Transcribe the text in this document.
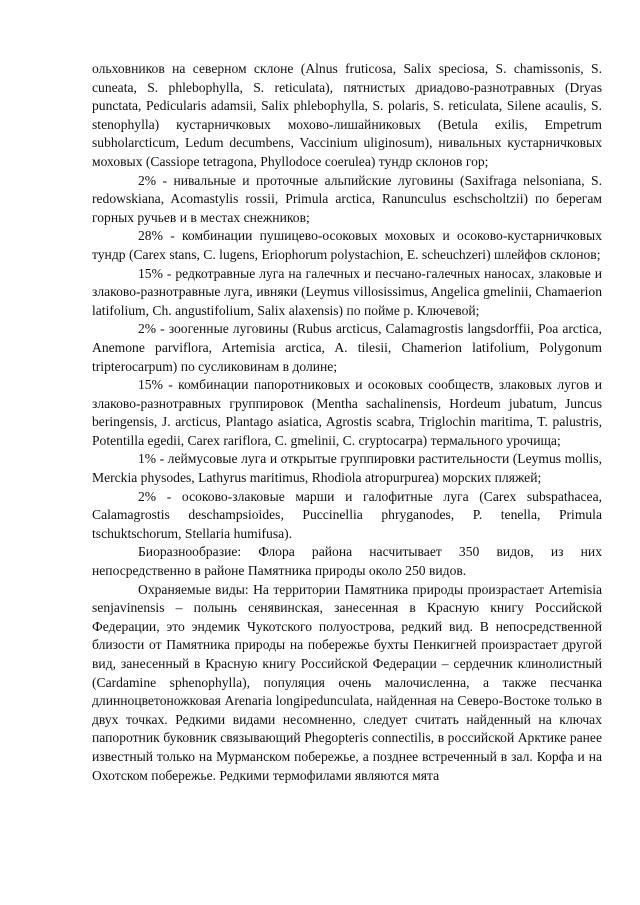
ольховников на северном склоне (Alnus fruticosa, Salix speciosa, S. chamissonis, S. cuneata, S. phlebophylla, S. reticulata), пятнистых дриадово-разнотравных (Dryas punctata, Pedicularis adamsii, Salix phlebophylla, S. polaris, S. reticulata, Silene acaulis, S. stenophylla) кустарничковых мохово-лишайниковых (Betula exilis, Empetrum subholarcticum, Ledum decumbens, Vaccinium uliginosum), нивальных кустарничковых моховых (Cassiope tetragona, Phyllodoce coerulea) тундр склонов гор;

2% - нивальные и проточные альпийские луговины (Saxifraga nelsoniana, S. redowskiana, Acomastylis rossii, Primula arctica, Ranunculus eschscholtzii) по берегам горных ручьев и в местах снежников;

28% - комбинации пушицево-осоковых моховых и осоково-кустарничковых тундр (Carex stans, C. lugens, Eriophorum polystachion, E. scheuchzeri) шлейфов склонов;

15% - редкотравные луга на галечных и песчано-галечных наносах, злаковые и злаково-разнотравные луга, ивняки (Leymus villosissimus, Angelica gmelinii, Chamaerion latifolium, Ch. angustifolium, Salix alaxensis) по пойме р. Ключевой;

2% - зоогенные луговины (Rubus arcticus, Calamagrostis langsdorffii, Poa arctica, Anemone parviflora, Artemisia arctica, A. tilesii, Chamerion latifolium, Polygonum tripterocarpum) по сусликовинам в долине;

15% - комбинации папоротниковых и осоковых сообществ, злаковых лугов и злаково-разнотравных группировок (Mentha sachalinensis, Hordeum jubatum, Juncus beringensis, J. arcticus, Plantago asiatica, Agrostis scabra, Triglochin maritima, T. palustris, Potentilla egedii, Carex rariflora, C. gmelinii, C. cryptocarpa) термального урочища;

1% - леймусовые луга и открытые группировки растительности (Leymus mollis, Merckia physodes, Lathyrus maritimus, Rhodiola atropurpurea) морских пляжей;

2% - осоково-злаковые марши и галофитные луга (Carex subspathacea, Calamagrostis deschampsioides, Puccinellia phryganodes, P. tenella, Primula tschuktschorum, Stellaria humifusa).

Биоразнообразие: Флора района насчитывает 350 видов, из них непосредственно в районе Памятника природы около 250 видов.

Охраняемые виды: На территории Памятника природы произрастает Artemisia senjavinensis – полынь сенявинская, занесенная в Красную книгу Российской Федерации, это эндемик Чукотского полуострова, редкий вид. В непосредственной близости от Памятника природы на побережье бухты Пенкигней произрастает другой вид, занесенный в Красную книгу Российской Федерации – сердечник клинолистный (Cardamine sphenophylla), популяция очень малочисленна, а также песчанка длинноцветоножковая Arenaria longipedunculata, найденная на Северо-Востоке только в двух точках. Редкими видами несомненно, следует считать найденный на ключах папоротник буковник связывающий Phegopteris connectilis, в российской Арктике ранее известный только на Мурманском побережье, а позднее встреченный в зал. Корфа и на Охотском побережье. Редкими термофилами являются мята
